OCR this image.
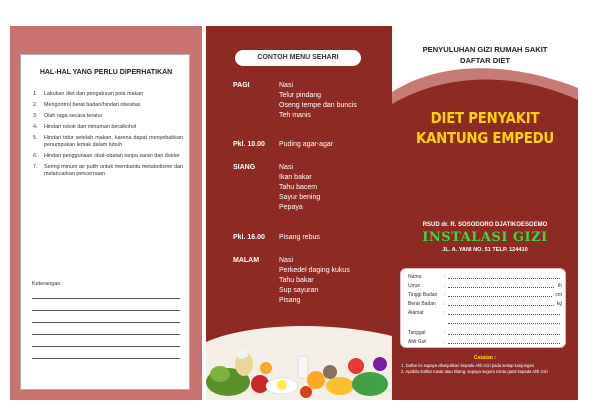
HAL-HAL YANG PERLU DIPERHATIKAN
1.	Lakukan diet dan pengaturan pola makan
2.	Mengontrol berat badan/hindari obesitas
3.	Olah raga secara teratur
4.	Hindari rokok dan minuman beralkohol
5.	Hindari tidur setelah makan, karena dapat menyebabkan penumpukan lemak dalam tubuh
6.	Hindari penggunaan obat-obatan tanpa saran dari dokter
7.	Sering minum air putih untuk membantu metabolisme dan melancarkan pencernaan
Keterangan :
CONTOH MENU SEHARI
PAGI	Nasi
Telur pindang
Oseng tempe dan buncis
Teh manis
Pkl. 10.00 Puding agar-agar
SIANG	Nasi
Ikan bakar
Tahu bacem
Sayur bening
Pepaya
Pkl. 16.00 Pisang rebus
MALAM	Nasi
Perkedel daging kukus
Tahu bakar
Sup sayuran
Pisang
PENYULUHAN GIZI RUMAH SAKIT
DAFTAR DIET
DIET PENYAKIT
KANTUNG EMPEDU
RSUD dr. R. SOSODORO DJATIKOESOEMO
INSTALASI GIZI
JL. A. YANI NO. 51 TELP. 124410
Nama	:
Umur	:	th
Tinggi Badan :	cm
Berat Badan :	kg
Alamat	:
Tanggal	:
Ahli Gizi	:
Catatan :
1. Daftar ini supaya ditunjukkan kepada Ahli Gizi pada setiap kunjungan
2. Apabila Daftar rusak atau hilang, supaya segera minta ganti kepada Ahli Gizi
